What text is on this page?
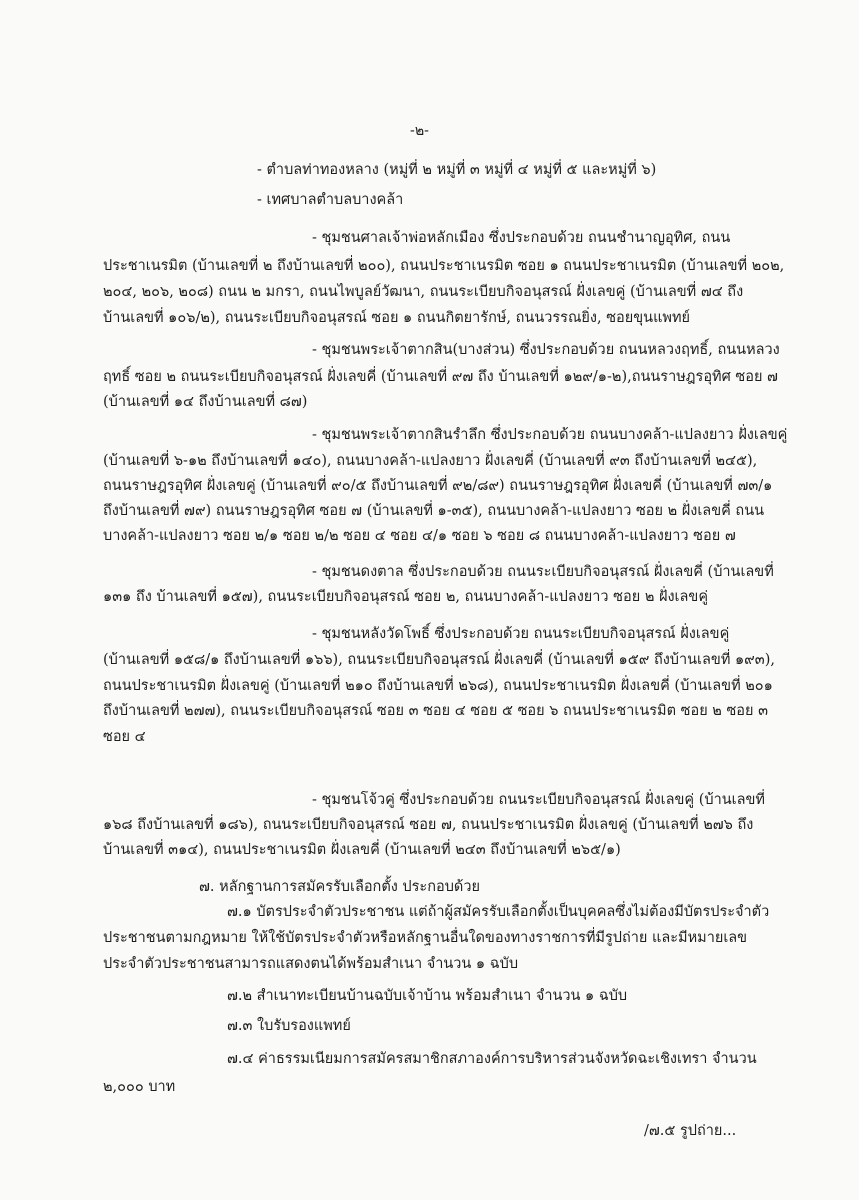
-๒-
- ตำบลท่าทองหลาง (หมู่ที่ ๒ หมู่ที่ ๓ หมู่ที่ ๔ หมู่ที่ ๕ และหมู่ที่ ๖)
- เทศบาลตำบลบางคล้า
- ชุมชนศาลเจ้าพ่อหลักเมือง ซึ่งประกอบด้วย ถนนชำนาญอุทิศ, ถนน
ประชาเนรมิต (บ้านเลขที่ ๒ ถึงบ้านเลขที่ ๒๐๐), ถนนประชาเนรมิต ซอย ๑ ถนนประชาเนรมิต (บ้านเลขที่ ๒๐๒,
๒๐๔, ๒๐๖, ๒๐๘) ถนน ๒ มกรา, ถนนไพบูลย์วัฒนา, ถนนระเบียบกิจอนุสรณ์ ฝั่งเลขคู่ (บ้านเลขที่ ๗๔ ถึง
บ้านเลขที่ ๑๐๖/๒), ถนนระเบียบกิจอนุสรณ์ ซอย ๑ ถนนกิตยารักษ์, ถนนวรรณยิ่ง, ซอยขุนแพทย์
- ชุมชนพระเจ้าตากสิน(บางส่วน) ซึ่งประกอบด้วย ถนนหลวงฤทธิ์, ถนนหลวง
ฤทธิ์ ซอย ๒ ถนนระเบียบกิจอนุสรณ์ ฝั่งเลขคี่ (บ้านเลขที่ ๙๗ ถึง บ้านเลขที่ ๑๒๙/๑-๒),ถนนราษฎรอุทิศ ซอย ๗
(บ้านเลขที่ ๑๔ ถึงบ้านเลขที่ ๘๗)
- ชุมชนพระเจ้าตากสินรำลึก ซึ่งประกอบด้วย ถนนบางคล้า-แปลงยาว ฝั่งเลขคู่
(บ้านเลขที่ ๖-๑๒ ถึงบ้านเลขที่ ๑๔๐), ถนนบางคล้า-แปลงยาว ฝั่งเลขคี่ (บ้านเลขที่ ๙๓ ถึงบ้านเลขที่ ๒๔๕),
ถนนราษฎรอุทิศ ฝั่งเลขคู่ (บ้านเลขที่ ๙๐/๕ ถึงบ้านเลขที่ ๙๒/๘๙) ถนนราษฎรอุทิศ ฝั่งเลขคี่ (บ้านเลขที่ ๗๓/๑
ถึงบ้านเลขที่ ๗๙) ถนนราษฎรอุทิศ ซอย ๗ (บ้านเลขที่ ๑-๓๕), ถนนบางคล้า-แปลงยาว ซอย ๒ ฝั่งเลขคี่ ถนน
บางคล้า-แปลงยาว ซอย ๒/๑ ซอย ๒/๒ ซอย ๔ ซอย ๔/๑ ซอย ๖ ซอย ๘ ถนนบางคล้า-แปลงยาว ซอย ๗
- ชุมชนดงตาล ซึ่งประกอบด้วย ถนนระเบียบกิจอนุสรณ์ ฝั่งเลขคี่ (บ้านเลขที่
๑๓๑ ถึง บ้านเลขที่ ๑๕๗), ถนนระเบียบกิจอนุสรณ์ ซอย ๒, ถนนบางคล้า-แปลงยาว ซอย ๒ ฝั่งเลขคู่
- ชุมชนหลังวัดโพธิ์ ซึ่งประกอบด้วย ถนนระเบียบกิจอนุสรณ์ ฝั่งเลขคู่
(บ้านเลขที่ ๑๕๘/๑ ถึงบ้านเลขที่ ๑๖๖), ถนนระเบียบกิจอนุสรณ์ ฝั่งเลขคี่ (บ้านเลขที่ ๑๕๙ ถึงบ้านเลขที่ ๑๙๓),
ถนนประชาเนรมิต ฝั่งเลขคู่ (บ้านเลขที่ ๒๑๐ ถึงบ้านเลขที่ ๒๖๘), ถนนประชาเนรมิต ฝั่งเลขคี่ (บ้านเลขที่ ๒๐๑
ถึงบ้านเลขที่ ๒๗๗), ถนนระเบียบกิจอนุสรณ์ ซอย ๓ ซอย ๔ ซอย ๕ ซอย ๖ ถนนประชาเนรมิต ซอย ๒ ซอย ๓
ซอย ๔
- ชุมชนโจ้วคู่ ซึ่งประกอบด้วย ถนนระเบียบกิจอนุสรณ์ ฝั่งเลขคู่ (บ้านเลขที่
๑๖๘ ถึงบ้านเลขที่ ๑๘๖), ถนนระเบียบกิจอนุสรณ์ ซอย ๗, ถนนประชาเนรมิต ฝั่งเลขคู่ (บ้านเลขที่ ๒๗๖ ถึง
บ้านเลขที่ ๓๑๔), ถนนประชาเนรมิต ฝั่งเลขคี่ (บ้านเลขที่ ๒๔๓ ถึงบ้านเลขที่ ๒๖๕/๑)
๗. หลักฐานการสมัครรับเลือกตั้ง ประกอบด้วย
๗.๑ บัตรประจำตัวประชาชน แต่ถ้าผู้สมัครรับเลือกตั้งเป็นบุคคลซึ่งไม่ต้องมีบัตรประจำตัว
ประชาชนตามกฎหมาย ให้ใช้บัตรประจำตัวหรือหลักฐานอื่นใดของทางราชการที่มีรูปถ่าย และมีหมายเลข
ประจำตัวประชาชนสามารถแสดงตนได้พร้อมสำเนา จำนวน ๑ ฉบับ
๗.๒ สำเนาทะเบียนบ้านฉบับเจ้าบ้าน พร้อมสำเนา จำนวน ๑ ฉบับ
๗.๓ ใบรับรองแพทย์
๗.๔ ค่าธรรมเนียมการสมัครสมาชิกสภาองค์การบริหารส่วนจังหวัดฉะเชิงเทรา จำนวน
๒,๐๐๐ บาท
/๗.๕ รูปถ่าย...
